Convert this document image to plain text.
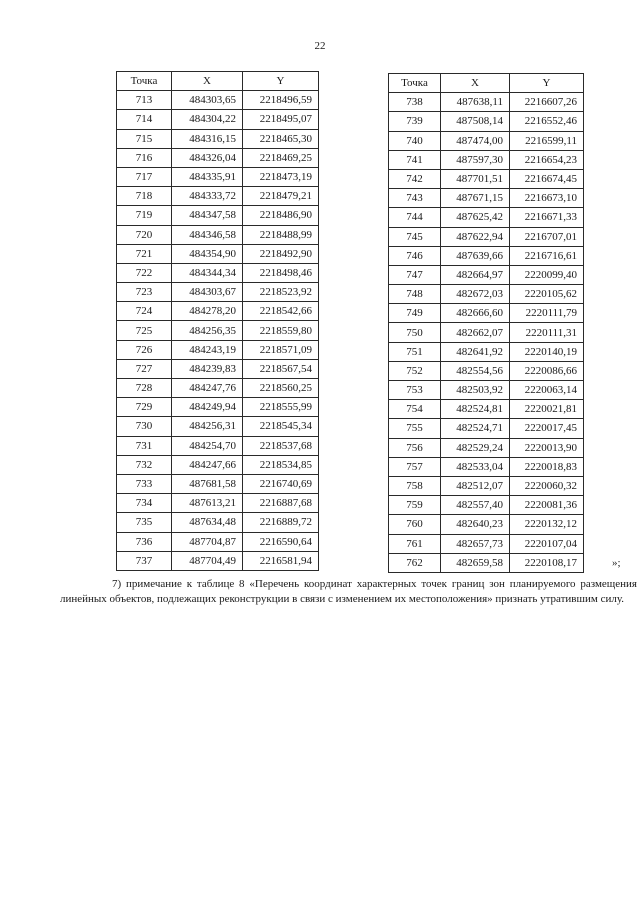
22
Точка	X	Y
713	484303,65	2218496,59
714	484304,22	2218495,07
715	484316,15	2218465,30
716	484326,04	2218469,25
717	484335,91	2218473,19
718	484333,72	2218479,21
719	484347,58	2218486,90
720	484346,58	2218488,99
721	484354,90	2218492,90
722	484344,34	2218498,46
723	484303,67	2218523,92
724	484278,20	2218542,66
725	484256,35	2218559,80
726	484243,19	2218571,09
727	484239,83	2218567,54
728	484247,76	2218560,25
729	484249,94	2218555,99
730	484256,31	2218545,34
731	484254,70	2218537,68
732	484247,66	2218534,85
733	487681,58	2216740,69
734	487613,21	2216887,68
735	487634,48	2216889,72
736	487704,87	2216590,64
737	487704,49	2216581,94
Точка	X	Y
738	487638,11	2216607,26
739	487508,14	2216552,46
740	487474,00	2216599,11
741	487597,30	2216654,23
742	487701,51	2216674,45
743	487671,15	2216673,10
744	487625,42	2216671,33
745	487622,94	2216707,01
746	487639,66	2216716,61
747	482664,97	2220099,40
748	482672,03	2220105,62
749	482666,60	2220111,79
750	482662,07	2220111,31
751	482641,92	2220140,19
752	482554,56	2220086,66
753	482503,92	2220063,14
754	482524,81	2220021,81
755	482524,71	2220017,45
756	482529,24	2220013,90
757	482533,04	2220018,83
758	482512,07	2220060,32
759	482557,40	2220081,36
760	482640,23	2220132,12
761	482657,73	2220107,04
762	482659,58	2220108,17	»;

7) примечание к таблице 8 «Перечень координат характерных точек границ зон планируемого размещения линейных объектов, подлежащих реконструкции в связи с изменением их местоположения» признать утратившим силу.
